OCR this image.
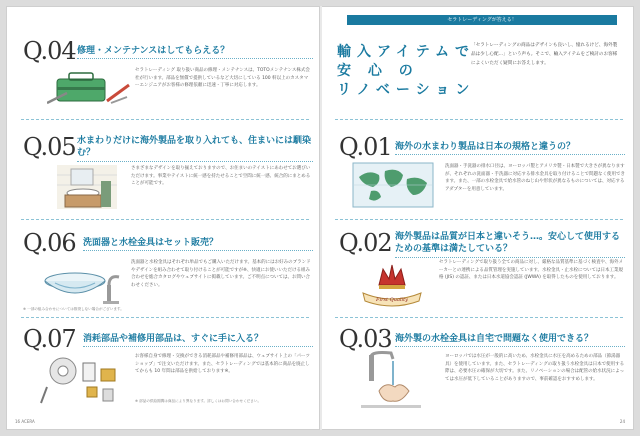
Q.04 修理・メンテナンスはしてもらえる？
セラトレーディング 取り扱い商品の修理・メンテナンスは、TOTOメンテナンス株式会社が行います。部品を無償で提供しているなど大切にしている 100 軒以上のカスタマーエンジニアがお客様の修理依頼に迅速・丁寧に対応します。
Q.05 水まわりだけに海外製品を取り入れても、住まいには馴染む？
さまざまなデザインを取り揃えておりますので、お住まいのテイストにあわせてお選びいただけます。事業やテイストに統一感を持たせることで空間に統一感、統合的にまとめることが可能です。
Q.06 洗面器と水栓金具はセット販売？
洗面器と水栓金具はそれぞれ単品でもご購入いただけます。基本的にはお好みのブランドやデザインを組み合わせて取り付けることが可能ですが※、快適にお使いいただける組み合わせを総合カタログやウェブサイトに掲載しています。ご不明点については、お問い合わせください。
※ 一部の組み合わせについては推奨しない場合がございます。
Q.07 消耗部品や補修用部品は、すぐに手に入る？
お客様自身で修理・交換ができる消耗部品や補修用部品は、ウェブサイト上の「パーツショップ」で注文いただけます。また、セラトレーディングでは基本的に商品を廃止してからも 10 年間は部品を供給しております※。
※ 部品の供給期間は商品により異なります。詳しくはお問い合わせください。
16 ACERA
セラトレーディングが答える！
輸入アイテムで
安 心 の
リノベーション
「セラトレーディングの商品はデザインも良いし、憧れるけど、海外製品は少し心配…」という声も。そこで、輸入アイテムをご検討のお客様によくいただく疑問にお答えします。
Q.01 海外の水まわり製品は日本の規格と違うの？
洗面器・手洗器の排水口径は、ヨーロッパ製とアメリカ製・日本製で大きさが異なりますが、それぞれの洗面器・手洗器に対応する排水金具を取り付けることで問題なく使用できます。また、一部の水栓金具で給水管のねじ山や形状が異なるものについては、対応するアダプターを用意しています。
Q.02 海外製品は品質が日本と違いそう…。安心して使用するための基準は満たしている？
First Quality
セラトレーディングで取り扱う全ての商品に対し、厳格な品質基準に基づく検査や、海外メーカーとの連携による品質管理を実施しています。水栓金具・止水栓については日本工業規格 (JIS) の認証、または日本水道協会認証 (JWWA) を取得したものを使用しております。
Q.03 海外製の水栓金具は自宅で問題なく使用できる？
ヨーロッパでは水圧が一般的に高いため、水栓金具に水圧を高めるための部品（節湯器具）を使用しています。また、セラトレーディングの取り扱う水栓金具は日本で使用する際は、必要水圧の確保が大切です。また、リノベーションの場合は配管の給水状況によっては水圧が低下していることがありますので、事前確認をおすすめします。
24
